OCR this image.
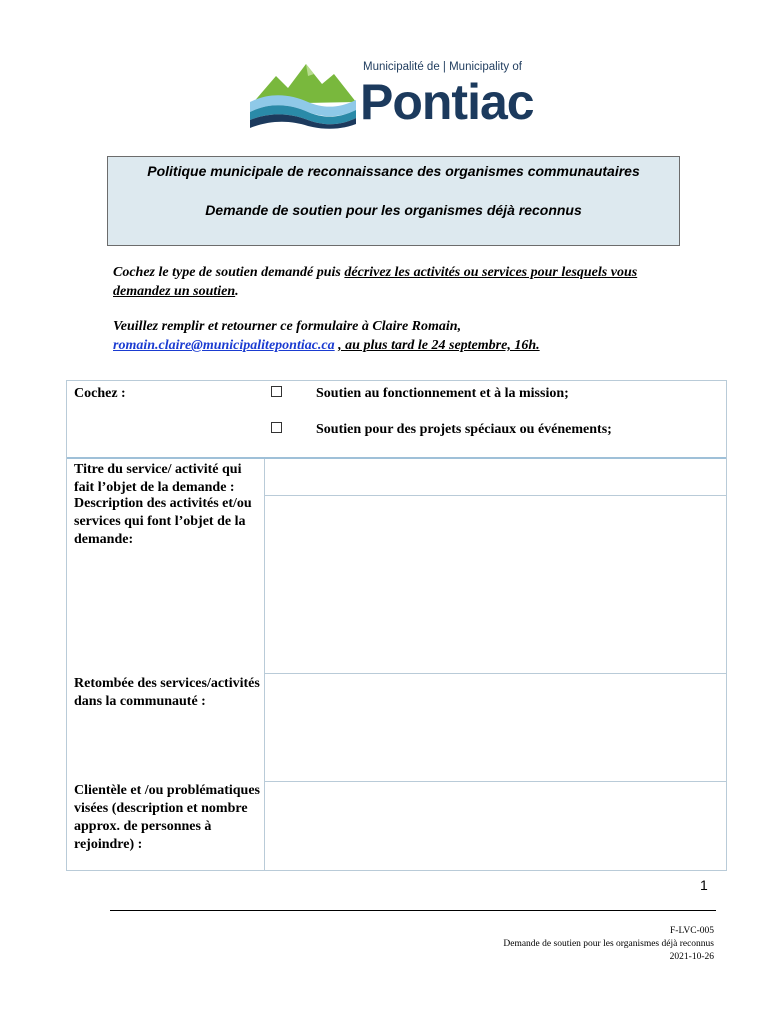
Municipalité de | Municipality of
Pontiac
Politique municipale de reconnaissance des organismes communautaires
Demande de soutien pour les organismes déjà reconnus
Cochez le type de soutien demandé puis décrivez les activités ou services pour lesquels vous demandez un soutien.
Veuillez remplir et retourner ce formulaire à Claire Romain,
romain.claire@municipalitepontiac.ca , au plus tard le 24 septembre, 16h.
Cochez :	Soutien au fonctionnement et à la mission;
Soutien pour des projets spéciaux ou événements;
Titre du service/ activité qui fait l’objet de la demande :
Description des activités et/ou services qui font l’objet de la demande:
Retombée des services/activités dans la communauté :
Clientèle et /ou problématiques visées (description et nombre approx. de personnes à rejoindre) :
1
F-LVC-005
Demande de soutien pour les organismes déjà reconnus
2021-10-26
